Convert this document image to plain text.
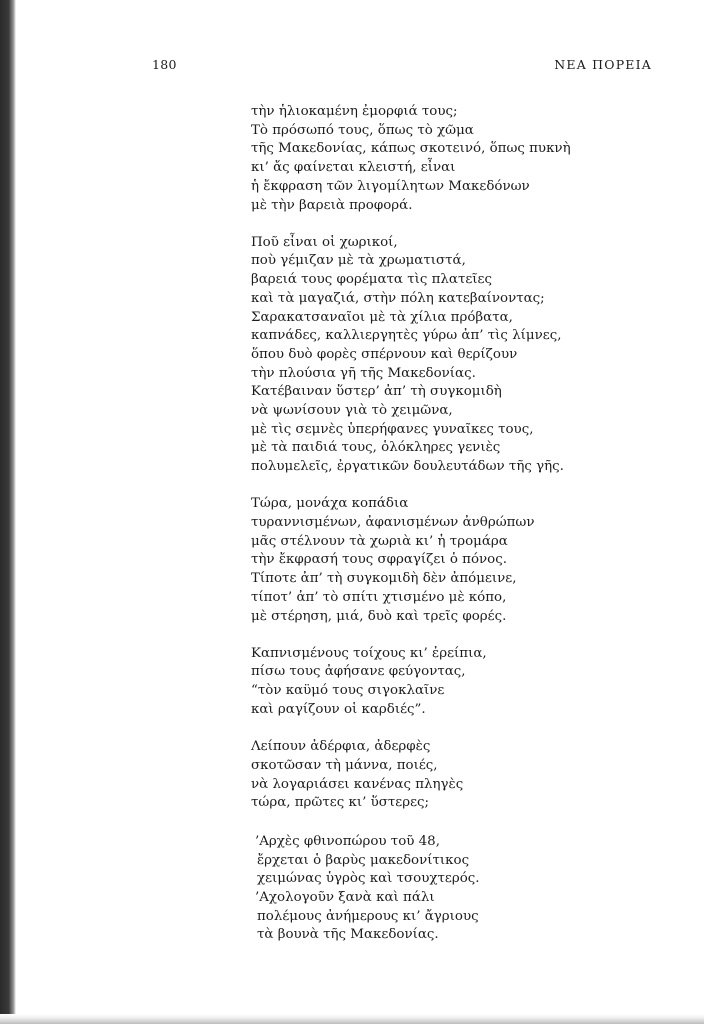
180	ΝΕΑ ΠΟΡΕΙΑ
τὴν ἡλιοκαμένη ἐμορφιά τους;
Τὸ πρόσωπό τους, ὅπως τὸ χῶμα
τῆς Μακεδονίας, κάπως σκοτεινό, ὅπως πυκνὴ
κι’ ἄς φαίνεται κλειστή, εἶναι
ἡ ἔκφραση τῶν λιγομίλητων Μακεδόνων
μὲ τὴν βαρειὰ προφορά.
Ποῦ εἶναι οἱ χωρικοί,
ποὺ γέμιζαν μὲ τὰ χρωματιστά,
βαρειά τους φορέματα τὶς πλατεῖες
καὶ τὰ μαγαζιά, στὴν πόλη κατεβαίνοντας;
Σαρακατσαναῖοι μὲ τὰ χίλια πρόβατα,
καπνάδες, καλλιεργητὲς γύρω ἀπ’ τὶς λίμνες,
ὅπου δυὸ φορὲς σπέρνουν καὶ θερίζουν
τὴν πλούσια γῆ τῆς Μακεδονίας.
Κατέβαιναν ὕστερ’ ἀπ’ τὴ συγκομιδὴ
νὰ ψωνίσουν γιὰ τὸ χειμῶνα,
μὲ τὶς σεμνὲς ὑπερήφανες γυναῖκες τους,
μὲ τὰ παιδιά τους, ὁλόκληρες γενιὲς
πολυμελεῖς, ἐργατικῶν δουλευτάδων τῆς γῆς.
Τώρα, μονάχα κοπάδια
τυραννισμένων, ἀφανισμένων ἀνθρώπων
μᾶς στέλνουν τὰ χωριὰ κι’ ἡ τρομάρα
τὴν ἔκφρασή τους σφραγίζει ὁ πόνος.
Τίποτε ἀπ’ τὴ συγκομιδὴ δὲν ἀπόμεινε,
τίποτ’ ἀπ’ τὸ σπίτι χτισμένο μὲ κόπο,
μὲ στέρηση, μιά, δυὸ καὶ τρεῖς φορές.
Καπνισμένους τοίχους κι’ ἐρείπια,
πίσω τους ἀφήσανε φεύγοντας,
“τὸν καϋμό τους σιγοκλαῖνε
καὶ ραγίζουν οἱ καρδιές”.
Λείπουν ἀδέρφια, ἀδερφὲς
σκοτῶσαν τὴ μάννα, ποιές,
νὰ λογαριάσει κανένας πληγὲς
τώρα, πρῶτες κι’ ὕστερες;
’Αρχὲς φθινοπώρου τοῦ 48,
ἔρχεται ὁ βαρὺς μακεδονίτικος
χειμώνας ὑγρὸς καὶ τσουχτερός.
’Αχολογοῦν ξανὰ καὶ πάλι
πολέμους ἀνήμερους κι’ ἄγριους
τὰ βουνὰ τῆς Μακεδονίας.
